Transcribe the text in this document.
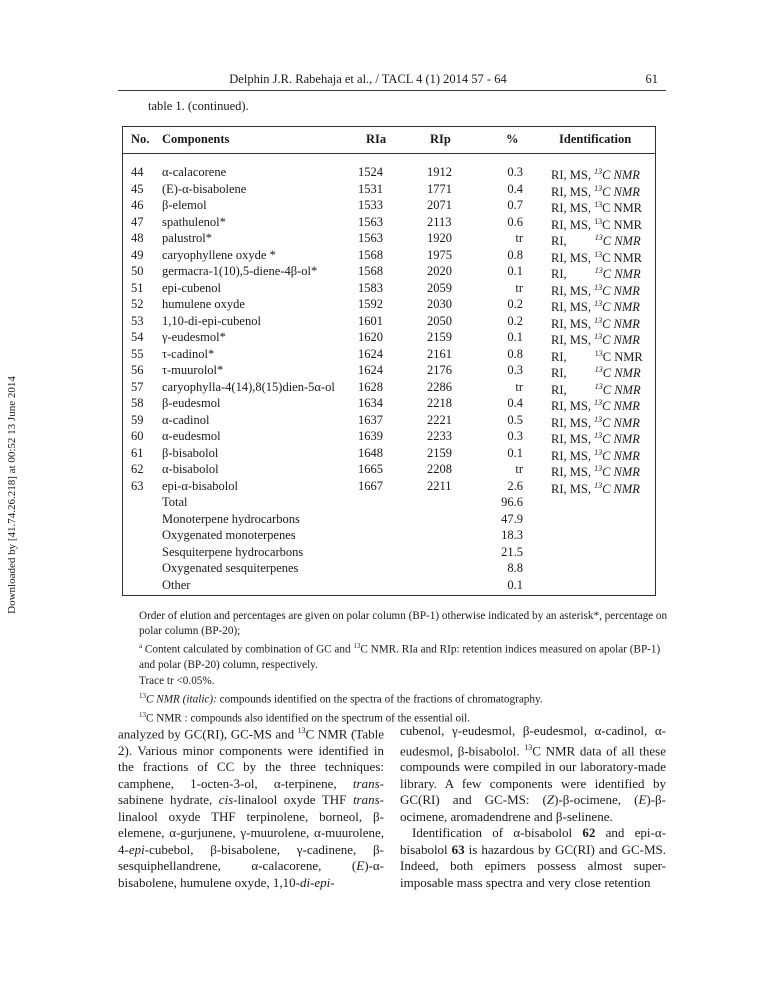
Delphin J.R. Rabehaja et al., / TACL 4 (1) 2014 57 - 64	61
Downloaded by [41.74.26.218] at 00:52 13 June 2014
table 1. (continued).
No. Components	RIa	RIp	%	Identification
44 α-calacorene	1524	1912	0.3 RI, MS, $^{13}$C NMR
45 (E)-α-bisabolene	1531	1771	0.4 RI, MS, $^{13}$C NMR
46 β-elemol	1533	2071	0.7 RI, MS, $^{13}$C NMR
47 spathulenol*	1563	2113	0.6 RI, MS, $^{13}$C NMR
48 palustrol*	1563	1920	tr RI,  	$^{13}$C NMR
49 caryophyllene oxyde *	1568	1975	0.8 RI, MS, $^{13}$C NMR
50 germacra-1(10),5-diene-4β-ol*	1568	2020	0.1 RI,  	$^{13}$C NMR
51 epi-cubenol	1583	2059	tr RI, MS, $^{13}$C NMR
52 humulene oxyde	1592	2030	0.2 RI, MS, $^{13}$C NMR
53 1,10-di-epi-cubenol	1601	2050	0.2 RI, MS, $^{13}$C NMR
54 γ-eudesmol*	1620	2159	0.1 RI, MS, $^{13}$C NMR
55 τ-cadinol*	1624	2161	0.8 RI,  	$^{13}$C NMR
56 τ-muurolol*	1624	2176	0.3 RI,  	$^{13}$C NMR
57 caryophylla-4(14),8(15)dien-5α-ol 1628	2286	tr RI,  	$^{13}$C NMR
58 β-eudesmol	1634	2218	0.4 RI, MS, $^{13}$C NMR
59 α-cadinol	1637	2221	0.5 RI, MS, $^{13}$C NMR
60 α-eudesmol	1639	2233	0.3 RI, MS, $^{13}$C NMR
61 β-bisabolol	1648	2159	0.1 RI, MS, $^{13}$C NMR
62 α-bisabolol	1665	2208	tr RI, MS, $^{13}$C NMR
63 epi-α-bisabolol	1667	2211	2.6 RI, MS, $^{13}$C NMR
Total	96.6
Monoterpene hydrocarbons	47.9
Oxygenated monoterpenes	18.3
Sesquiterpene hydrocarbons	21.5
Oxygenated sesquiterpenes	8.8
Other	0.1

Order of elution and percentages are given on polar column (BP-1) otherwise indicated by an asterisk*, percentage on polar column (BP-20);

$^a$ Content calculated by combination of GC and $^{13}$C NMR. RIa and RIp: retention indices measured on apolar (BP-1) and polar (BP-20) column, respectively.

Trace tr <0.05%.

$^{13}$C NMR (italic): compounds identified on the spectra of the fractions of chromatography.

$^{13}$C NMR : compounds also identified on the spectrum of the essential oil.

analyzed by GC(RI), GC-MS and $^{13}$C NMR (Table 2). Various minor components were identified in the fractions of CC by the three techniques: camphene, 1-octen-3-ol, α-terpinene, trans-sabinene hydrate, cis-linalool oxyde THF trans-linalool oxyde THF terpinolene, borneol, β-elemene, α-gurjunene, γ-muurolene, α-muurolene, 4-epi-cubebol, β-bisabolene, γ-cadinene, β-sesquiphellandrene, α-calacorene, (E)-α-bisabolene, humulene oxyde, 1,10-di-epi-

cubenol, γ-eudesmol, β-eudesmol, α-cadinol, α-eudesmol, β-bisabolol. $^{13}$C NMR data of all these compounds were compiled in our laboratory-made library. A few components were identified by GC(RI) and GC-MS: (Z)-β-ocimene, (E)-β-ocimene, aromadendrene and β-selinene.

Identification of α-bisabolol 62 and epi-α-bisabolol 63 is hazardous by GC(RI) and GC-MS. Indeed, both epimers possess almost super-imposable mass spectra and very close retention
